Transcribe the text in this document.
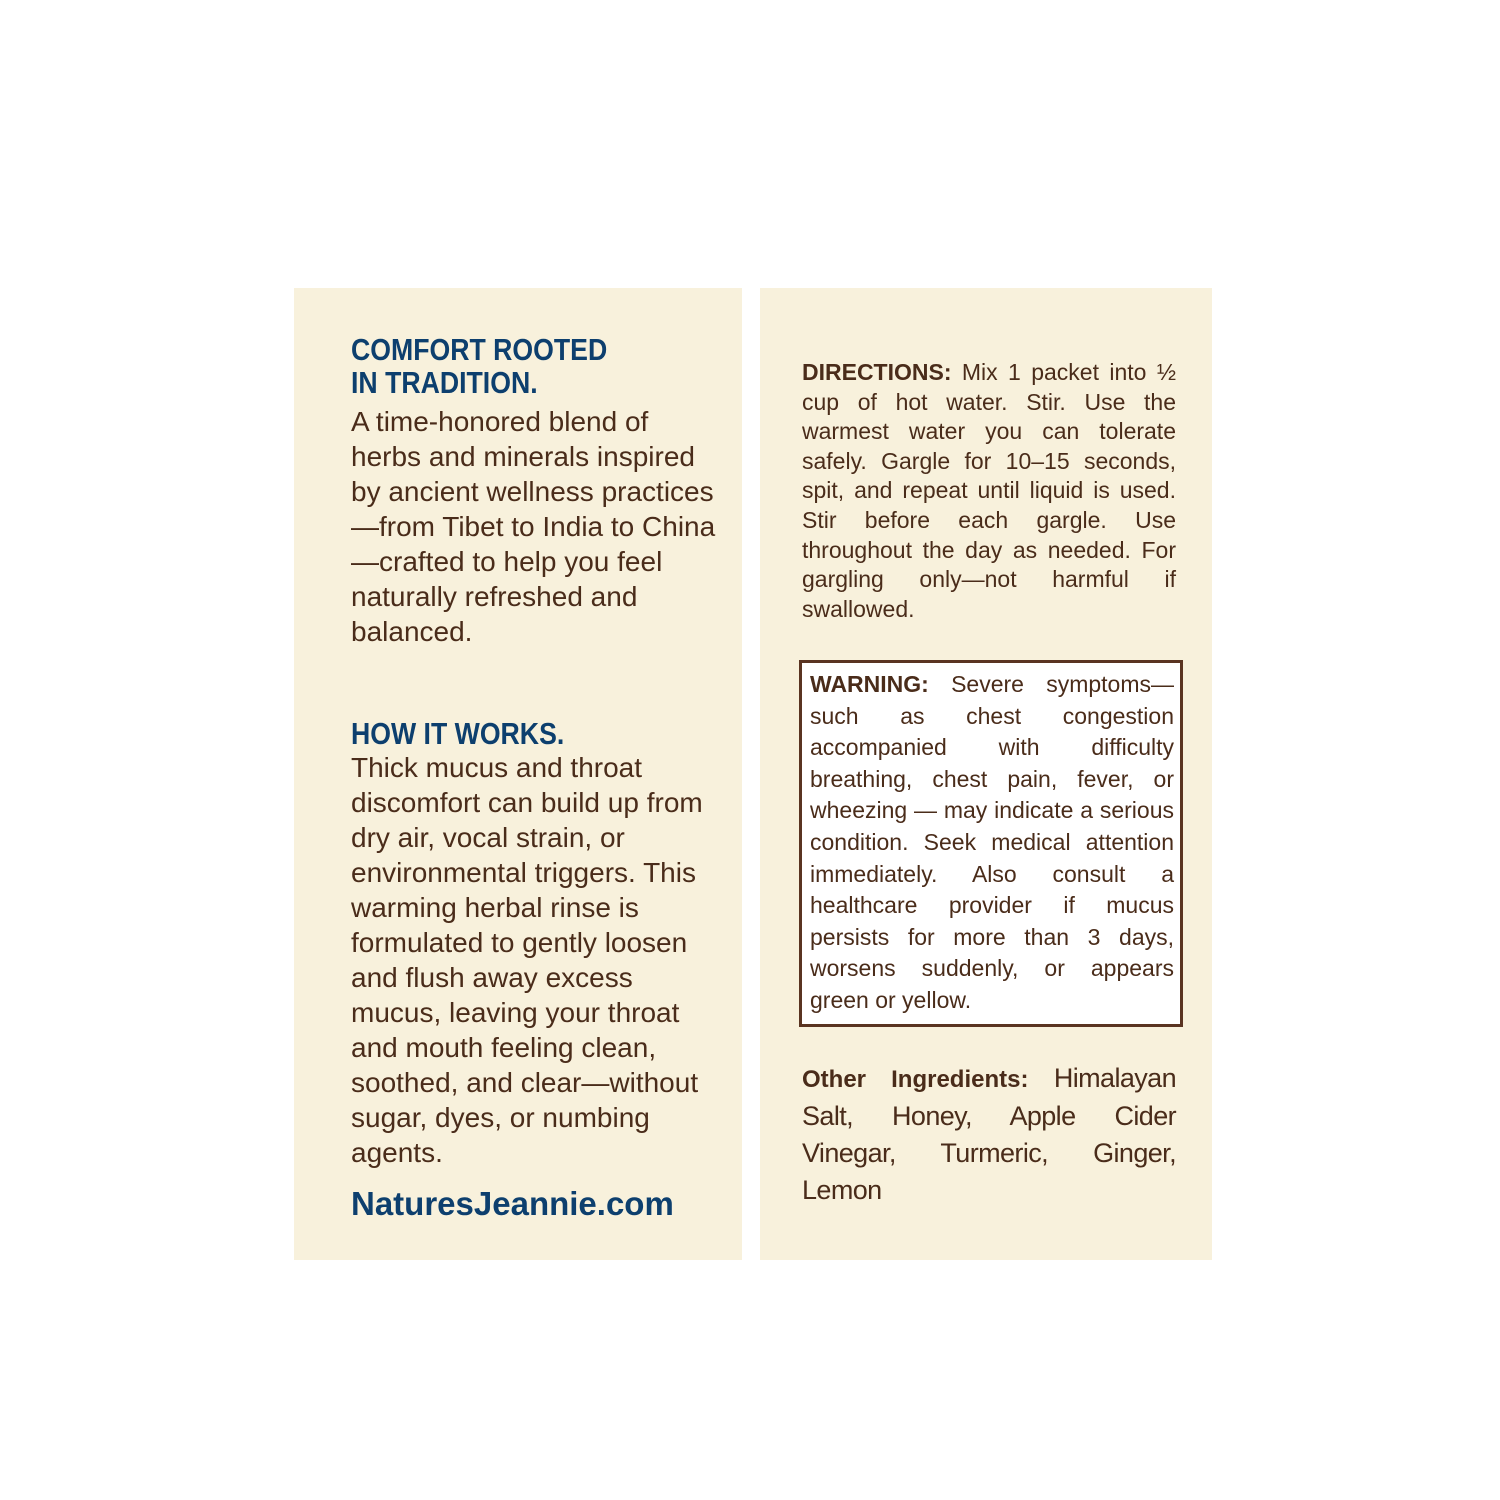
COMFORT ROOTED
IN TRADITION.

A time-honored blend of herbs and minerals inspired by ancient wellness practices—from Tibet to India to China—crafted to help you feel naturally refreshed and balanced.

HOW IT WORKS.

Thick mucus and throat discomfort can build up from dry air, vocal strain, or environmental triggers. This warming herbal rinse is formulated to gently loosen and flush away excess mucus, leaving your throat and mouth feeling clean, soothed, and clear—without sugar, dyes, or numbing agents.

NaturesJeannie.com

DIRECTIONS: Mix 1 packet into ½ cup of hot water. Stir. Use the warmest water you can tolerate safely. Gargle for 10–15 seconds, spit, and repeat until liquid is used. Stir before each gargle. Use throughout the day as needed. For gargling only—not harmful if swallowed.

WARNING: Severe symptoms—such as chest congestion accompanied with difficulty breathing, chest pain, fever, or wheezing — may indicate a serious condition. Seek medical attention immediately. Also consult a healthcare provider if mucus persists for more than 3 days, worsens suddenly, or appears green or yellow.

Other Ingredients: Himalayan Salt, Honey, Apple Cider Vinegar, Turmeric, Ginger, Lemon
